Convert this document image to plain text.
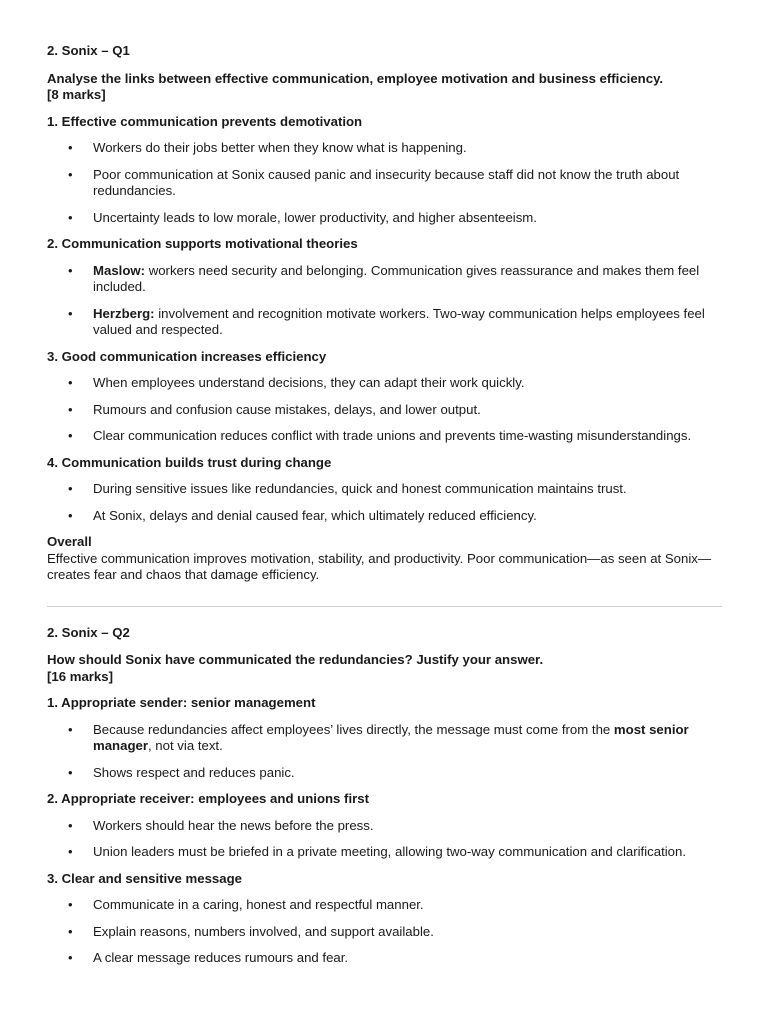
2. Sonix – Q1

Analyse the links between effective communication, employee motivation and business efficiency.
[8 marks]

1. Effective communication prevents demotivation

• Workers do their jobs better when they know what is happening.
• Poor communication at Sonix caused panic and insecurity because staff did not know the truth about redundancies.
• Uncertainty leads to low morale, lower productivity, and higher absenteeism.

2. Communication supports motivational theories

• Maslow: workers need security and belonging. Communication gives reassurance and makes them feel included.
• Herzberg: involvement and recognition motivate workers. Two-way communication helps employees feel valued and respected.

3. Good communication increases efficiency

• When employees understand decisions, they can adapt their work quickly.
• Rumours and confusion cause mistakes, delays, and lower output.
• Clear communication reduces conflict with trade unions and prevents time-wasting misunderstandings.

4. Communication builds trust during change

• During sensitive issues like redundancies, quick and honest communication maintains trust.
• At Sonix, delays and denial caused fear, which ultimately reduced efficiency.

Overall

Effective communication improves motivation, stability, and productivity. Poor communication—as seen at Sonix—creates fear and chaos that damage efficiency.

2. Sonix – Q2

How should Sonix have communicated the redundancies? Justify your answer.
[16 marks]

1. Appropriate sender: senior management

• Because redundancies affect employees’ lives directly, the message must come from the most senior manager, not via text.
• Shows respect and reduces panic.

2. Appropriate receiver: employees and unions first

• Workers should hear the news before the press.
• Union leaders must be briefed in a private meeting, allowing two-way communication and clarification.

3. Clear and sensitive message

• Communicate in a caring, honest and respectful manner.
• Explain reasons, numbers involved, and support available.
• A clear message reduces rumours and fear.
